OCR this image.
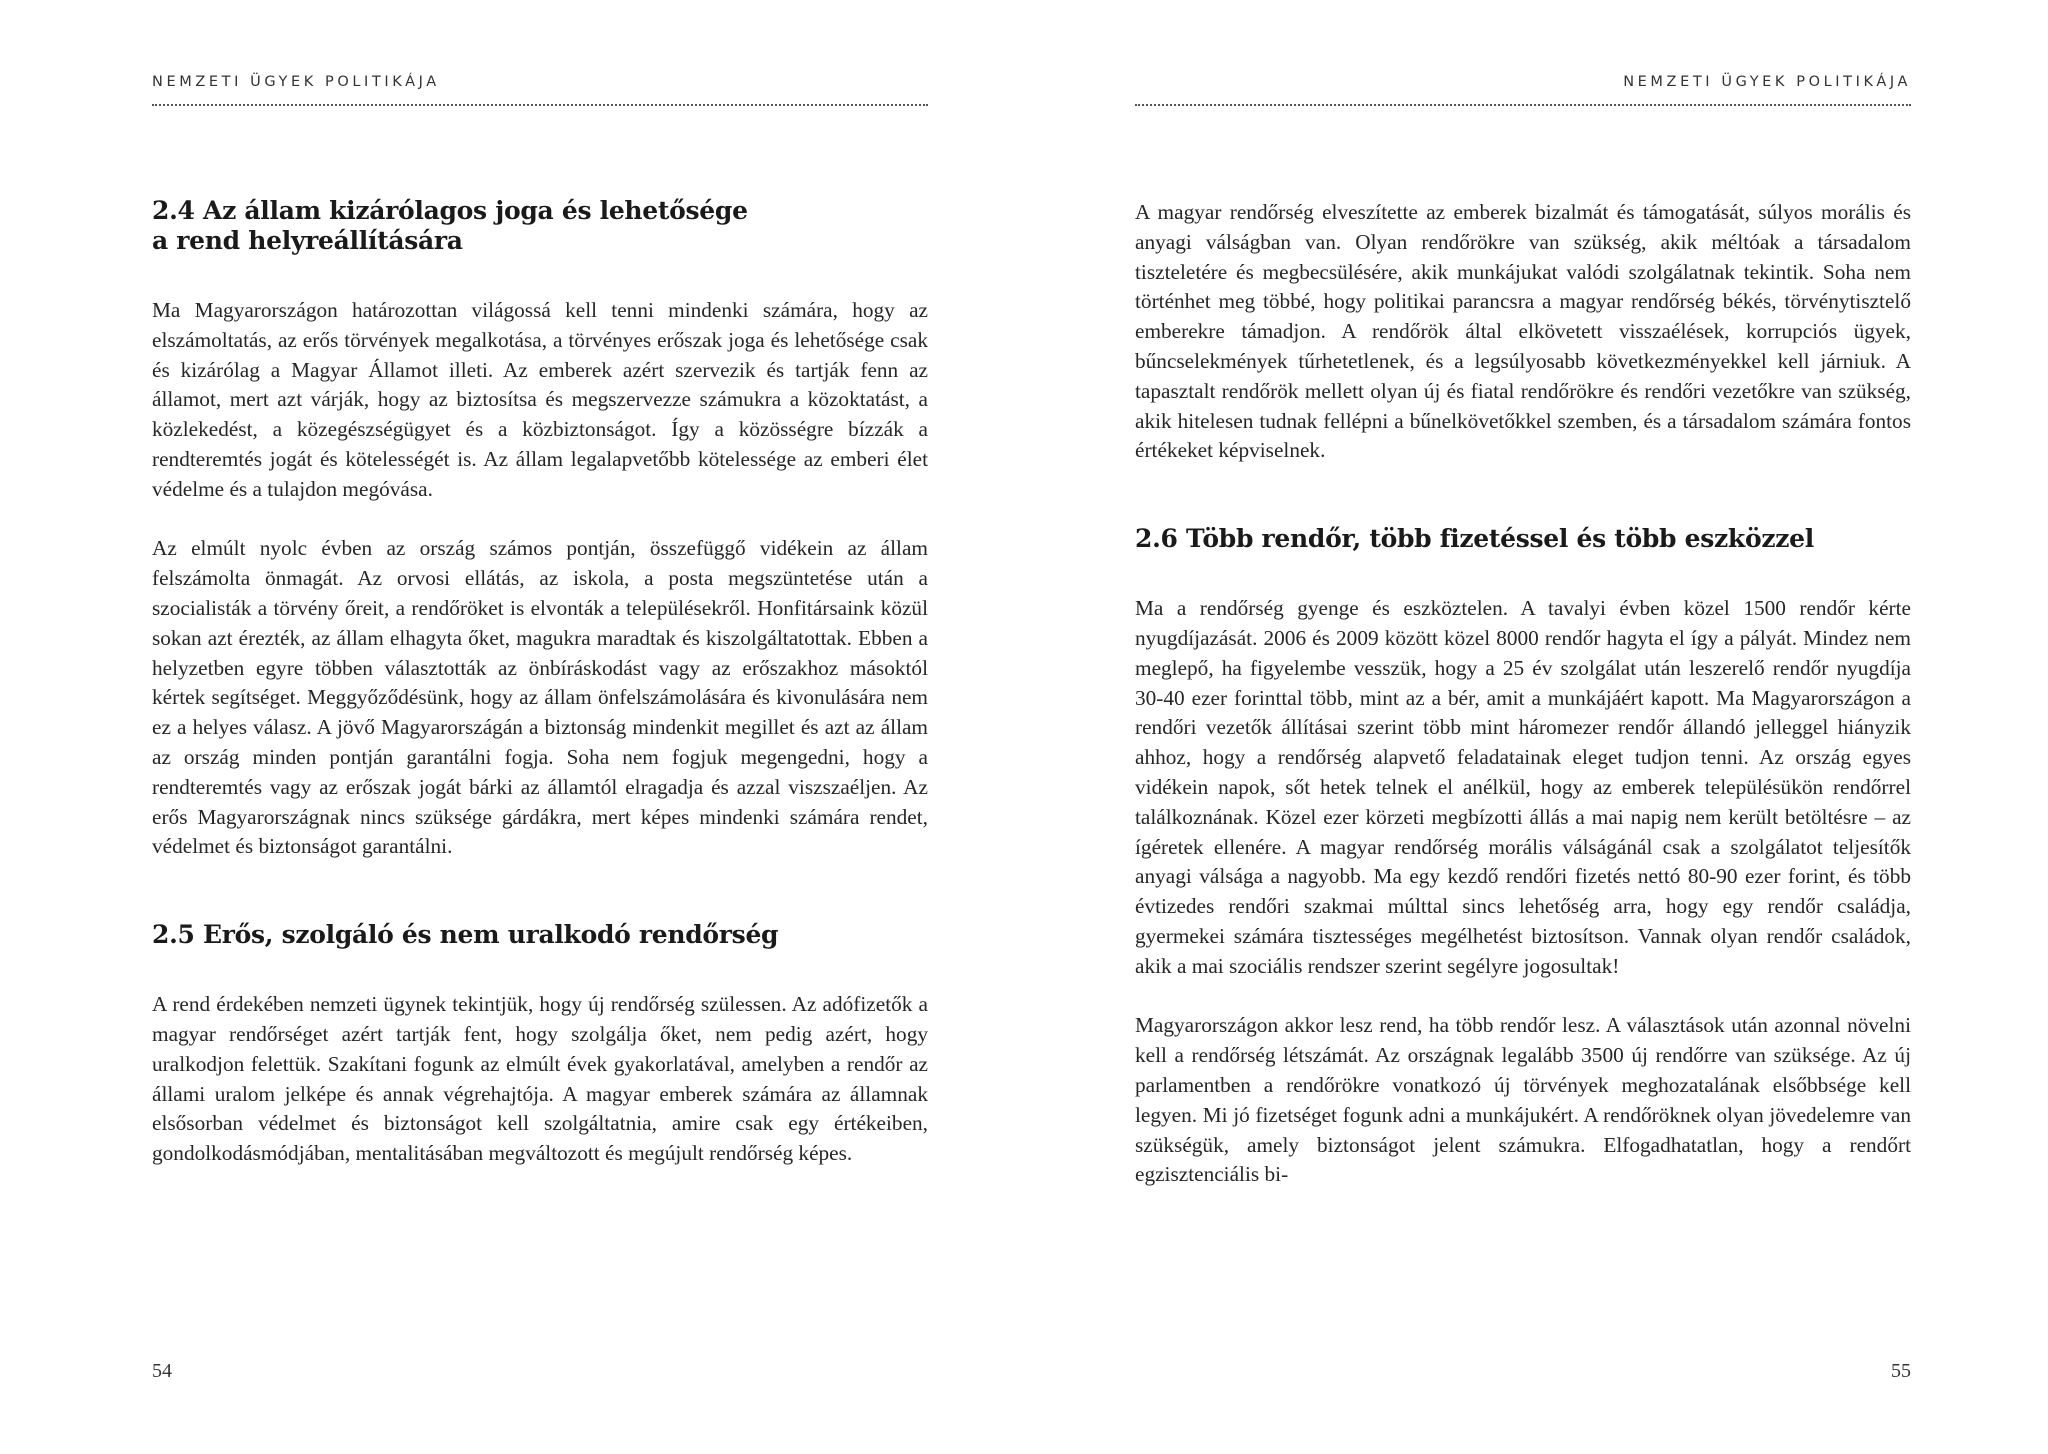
NEMZETI ÜGYEK POLITIKÁJA
2.4 Az állam kizárólagos joga és lehetősége
a rend helyreállítására

Ma Magyarországon határozottan világossá kell tenni mindenki számára, hogy az elszámoltatás, az erős törvények megalkotása, a törvényes erőszak joga és lehetősége csak és kizárólag a Magyar Államot illeti. Az emberek azért szervezik és tartják fenn az államot, mert azt várják, hogy az biztosítsa és megszervezze számukra a közoktatást, a közlekedést, a közegészségügyet és a közbiztonságot. Így a közösségre bízzák a rendteremtés jogát és kötelességét is. Az állam legalapvetőbb kötelessége az emberi élet védelme és a tulajdon megóvása.

Az elmúlt nyolc évben az ország számos pontján, összefüggő vidékein az állam felszámolta önmagát. Az orvosi ellátás, az iskola, a posta megszüntetése után a szocialisták a törvény őreit, a rendőröket is elvonták a településekről. Honfitársaink közül sokan azt érezték, az állam elhagyta őket, magukra maradtak és kiszolgáltatottak. Ebben a helyzetben egyre többen választották az önbíráskodást vagy az erőszakhoz másoktól kértek segítséget. Meggyőződésünk, hogy az állam önfelszámolására és kivonulására nem ez a helyes válasz. A jövő Magyarországán a biztonság mindenkit megillet és azt az állam az ország minden pontján garantálni fogja. Soha nem fogjuk megengedni, hogy a rendteremtés vagy az erőszak jogát bárki az államtól elragadja és azzal viszszaéljen. Az erős Magyarországnak nincs szüksége gárdákra, mert képes mindenki számára rendet, védelmet és biztonságot garantálni.

2.5 Erős, szolgáló és nem uralkodó rendőrség

A rend érdekében nemzeti ügynek tekintjük, hogy új rendőrség szülessen. Az adófizetők a magyar rendőrséget azért tartják fent, hogy szolgálja őket, nem pedig azért, hogy uralkodjon felettük. Szakítani fogunk az elmúlt évek gyakorlatával, amelyben a rendőr az állami uralom jelképe és annak végrehajtója. A magyar emberek számára az államnak elsősorban védelmet és biztonságot kell szolgáltatnia, amire csak egy értékeiben, gondolkodásmódjában, mentalitásában megváltozott és megújult rendőrség képes.

54
NEMZETI ÜGYEK POLITIKÁJA

A magyar rendőrség elveszítette az emberek bizalmát és támogatását, súlyos morális és anyagi válságban van. Olyan rendőrökre van szükség, akik méltóak a társadalom tiszteletére és megbecsülésére, akik munkájukat valódi szolgálatnak tekintik. Soha nem történhet meg többé, hogy politikai parancsra a magyar rendőrség békés, törvénytisztelő emberekre támadjon. A rendőrök által elkövetett visszaélések, korrupciós ügyek, bűncselekmények tűrhetetlenek, és a legsúlyosabb következményekkel kell járniuk. A tapasztalt rendőrök mellett olyan új és fiatal rendőrökre és rendőri vezetőkre van szükség, akik hitelesen tudnak fellépni a bűnelkövetőkkel szemben, és a társadalom számára fontos értékeket képviselnek.

2.6 Több rendőr, több fizetéssel és több eszközzel

Ma a rendőrség gyenge és eszköztelen. A tavalyi évben közel 1500 rendőr kérte nyugdíjazását. 2006 és 2009 között közel 8000 rendőr hagyta el így a pályát. Mindez nem meglepő, ha figyelembe vesszük, hogy a 25 év szolgálat után leszerelő rendőr nyugdíja 30-40 ezer forinttal több, mint az a bér, amit a munkájáért kapott. Ma Magyarországon a rendőri vezetők állításai szerint több mint háromezer rendőr állandó jelleggel hiányzik ahhoz, hogy a rendőrség alapvető feladatainak eleget tudjon tenni. Az ország egyes vidékein napok, sőt hetek telnek el anélkül, hogy az emberek településükön rendőrrel találkoznának. Közel ezer körzeti megbízotti állás a mai napig nem került betöltésre – az ígéretek ellenére. A magyar rendőrség morális válságánál csak a szolgálatot teljesítők anyagi válsága a nagyobb. Ma egy kezdő rendőri fizetés nettó 80-90 ezer forint, és több évtizedes rendőri szakmai múlttal sincs lehetőség arra, hogy egy rendőr családja, gyermekei számára tisztességes megélhetést biztosítson. Vannak olyan rendőr családok, akik a mai szociális rendszer szerint segélyre jogosultak!

Magyarországon akkor lesz rend, ha több rendőr lesz. A választások után azonnal növelni kell a rendőrség létszámát. Az országnak legalább 3500 új rendőrre van szüksége. Az új parlamentben a rendőrökre vonatkozó új törvények meghozatalának elsőbbsége kell legyen. Mi jó fizetséget fogunk adni a munkájukért. A rendőröknek olyan jövedelemre van szükségük, amely biztonságot jelent számukra. Elfogadhatatlan, hogy a rendőrt egzisztenciális bi-

55
